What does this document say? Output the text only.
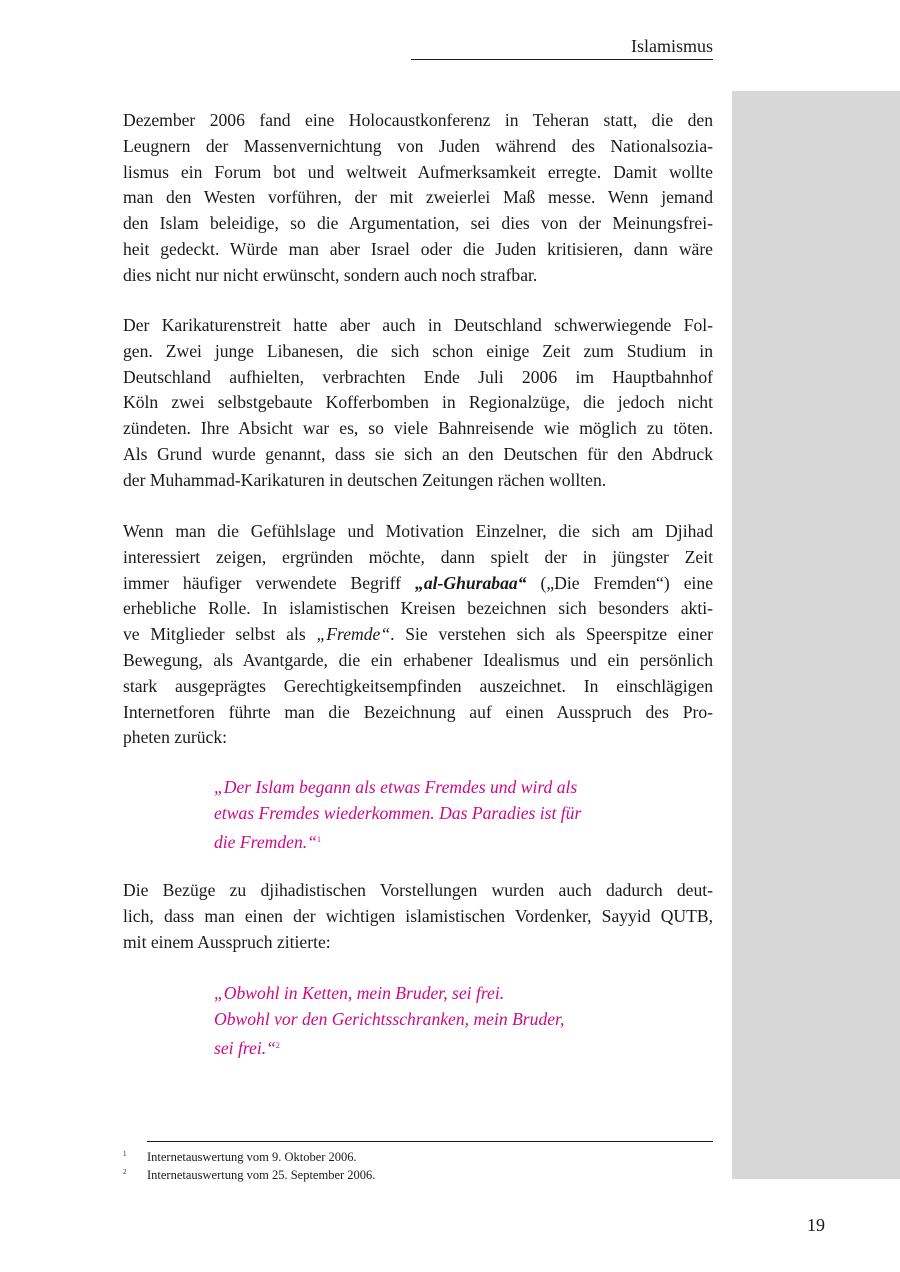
Islamismus

Dezember 2006 fand eine Holocaustkonferenz in Teheran statt, die den
Leugnern der Massenvernichtung von Juden während des Nationalsozia-
lismus ein Forum bot und weltweit Aufmerksamkeit erregte. Damit wollte
man den Westen vorführen, der mit zweierlei Maß messe. Wenn jemand
den Islam beleidige, so die Argumentation, sei dies von der Meinungsfrei-
heit gedeckt. Würde man aber Israel oder die Juden kritisieren, dann wäre
dies nicht nur nicht erwünscht, sondern auch noch strafbar.

Der Karikaturenstreit hatte aber auch in Deutschland schwerwiegende Fol-
gen. Zwei junge Libanesen, die sich schon einige Zeit zum Studium in
Deutschland aufhielten, verbrachten Ende Juli 2006 im Hauptbahnhof
Köln zwei selbstgebaute Kofferbomben in Regionalzüge, die jedoch nicht
zündeten. Ihre Absicht war es, so viele Bahnreisende wie möglich zu töten.
Als Grund wurde genannt, dass sie sich an den Deutschen für den Abdruck
der Muhammad-Karikaturen in deutschen Zeitungen rächen wollten.

Wenn man die Gefühlslage und Motivation Einzelner, die sich am Djihad
interessiert zeigen, ergründen möchte, dann spielt der in jüngster Zeit
immer häufiger verwendete Begriff „al-Ghurabaa“ („Die Fremden“) eine
erhebliche Rolle. In islamistischen Kreisen bezeichnen sich besonders akti-
ve Mitglieder selbst als „Fremde“. Sie verstehen sich als Speerspitze einer
Bewegung, als Avantgarde, die ein erhabener Idealismus und ein persönlich
stark ausgeprägtes Gerechtigkeitsempfinden auszeichnet. In einschlägigen
Internetforen führte man die Bezeichnung auf einen Ausspruch des Pro-
pheten zurück:

„Der Islam begann als etwas Fremdes und wird als
etwas Fremdes wiederkommen. Das Paradies ist für
die Fremden.“$^1$

Die Bezüge zu djihadistischen Vorstellungen wurden auch dadurch deut-
lich, dass man einen der wichtigen islamistischen Vordenker, Sayyid QUTB,
mit einem Ausspruch zitierte:

„Obwohl in Ketten, mein Bruder, sei frei.
Obwohl vor den Gerichtsschranken, mein Bruder,
sei frei.“$^2$
1 Internetauswertung vom 9. Oktober 2006.
2 Internetauswertung vom 25. September 2006.
19
